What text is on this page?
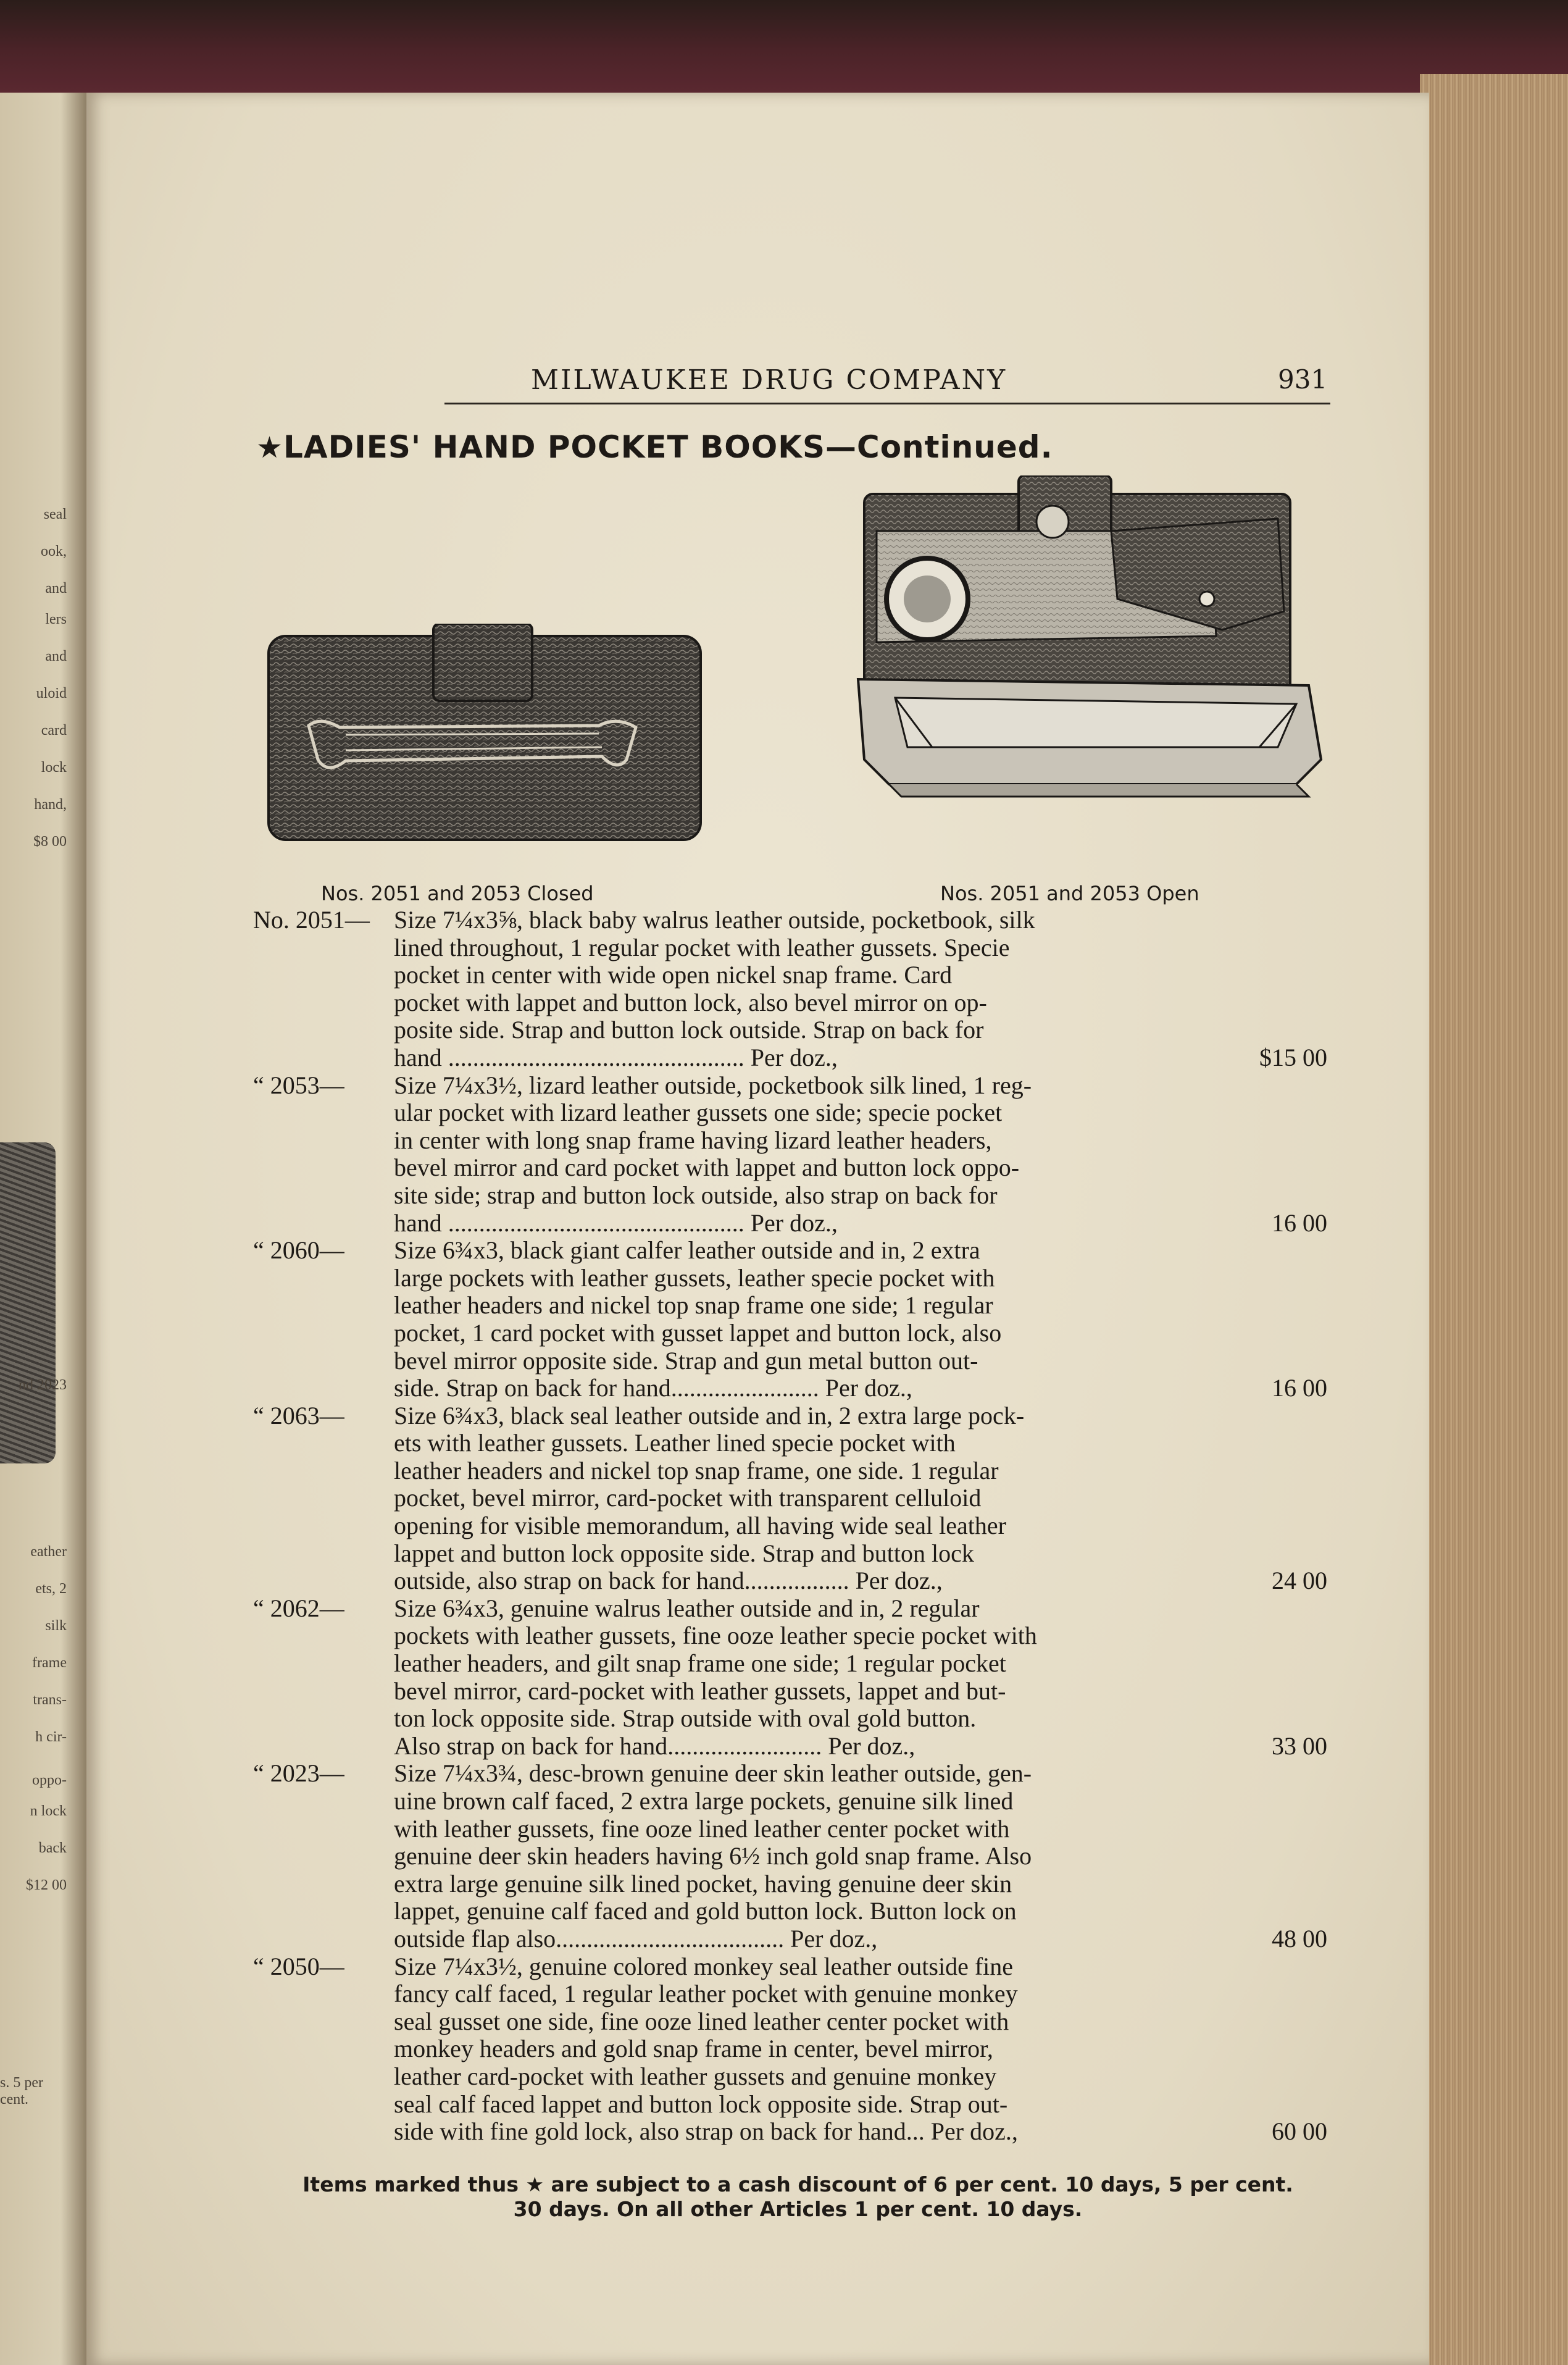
seal
ook,
and
lers
and
uloid
card
lock
hand,
$8 00
nd 2023
eather
ets, 2
silk
frame
trans-
h cir-
oppo-
n lock
back
$12 00
s. 5 per cent.
MILWAUKEE DRUG COMPANY	931
★LADIES' HAND POCKET BOOKS—Continued.
Nos. 2051 and 2053 Closed	Nos. 2051 and 2053 Open
No. 2051— Size 7¼x3⅝, black baby walrus leather outside, pocketbook, silk
lined throughout, 1 regular pocket with leather gussets. Specie
pocket in center with wide open nickel snap frame. Card
pocket with lappet and button lock, also bevel mirror on op-
posite side. Strap and button lock outside. Strap on back for
hand ................................................ Per doz.,	$15 00
“ 2053— Size 7¼x3½, lizard leather outside, pocketbook silk lined, 1 reg-
ular pocket with lizard leather gussets one side; specie pocket
in center with long snap frame having lizard leather headers,
bevel mirror and card pocket with lappet and button lock oppo-
site side; strap and button lock outside, also strap on back for
hand ................................................ Per doz.,	16 00
“ 2060— Size 6¾x3, black giant calfer leather outside and in, 2 extra
large pockets with leather gussets, leather specie pocket with
leather headers and nickel top snap frame one side; 1 regular
pocket, 1 card pocket with gusset lappet and button lock, also
bevel mirror opposite side. Strap and gun metal button out-
side. Strap on back for hand........................ Per doz.,	16 00
“ 2063— Size 6¾x3, black seal leather outside and in, 2 extra large pock-
ets with leather gussets. Leather lined specie pocket with
leather headers and nickel top snap frame, one side. 1 regular
pocket, bevel mirror, card-pocket with transparent celluloid
opening for visible memorandum, all having wide seal leather
lappet and button lock opposite side. Strap and button lock
outside, also strap on back for hand................. Per doz.,	24 00
“ 2062— Size 6¾x3, genuine walrus leather outside and in, 2 regular
pockets with leather gussets, fine ooze leather specie pocket with
leather headers, and gilt snap frame one side; 1 regular pocket
bevel mirror, card-pocket with leather gussets, lappet and but-
ton lock opposite side. Strap outside with oval gold button.
Also strap on back for hand......................... Per doz.,	33 00
“ 2023— Size 7¼x3¾, desc-brown genuine deer skin leather outside, gen-
uine brown calf faced, 2 extra large pockets, genuine silk lined
with leather gussets, fine ooze lined leather center pocket with
genuine deer skin headers having 6½ inch gold snap frame. Also
extra large genuine silk lined pocket, having genuine deer skin
lappet, genuine calf faced and gold button lock. Button lock on
outside flap also..................................... Per doz.,	48 00
“ 2050— Size 7¼x3½, genuine colored monkey seal leather outside fine
fancy calf faced, 1 regular leather pocket with genuine monkey
seal gusset one side, fine ooze lined leather center pocket with
monkey headers and gold snap frame in center, bevel mirror,
leather card-pocket with leather gussets and genuine monkey
seal calf faced lappet and button lock opposite side. Strap out-
side with fine gold lock, also strap on back for hand... Per doz.,	60 00
Items marked thus ★ are subject to a cash discount of 6 per cent. 10 days, 5 per cent.
30 days. On all other Articles 1 per cent. 10 days.
